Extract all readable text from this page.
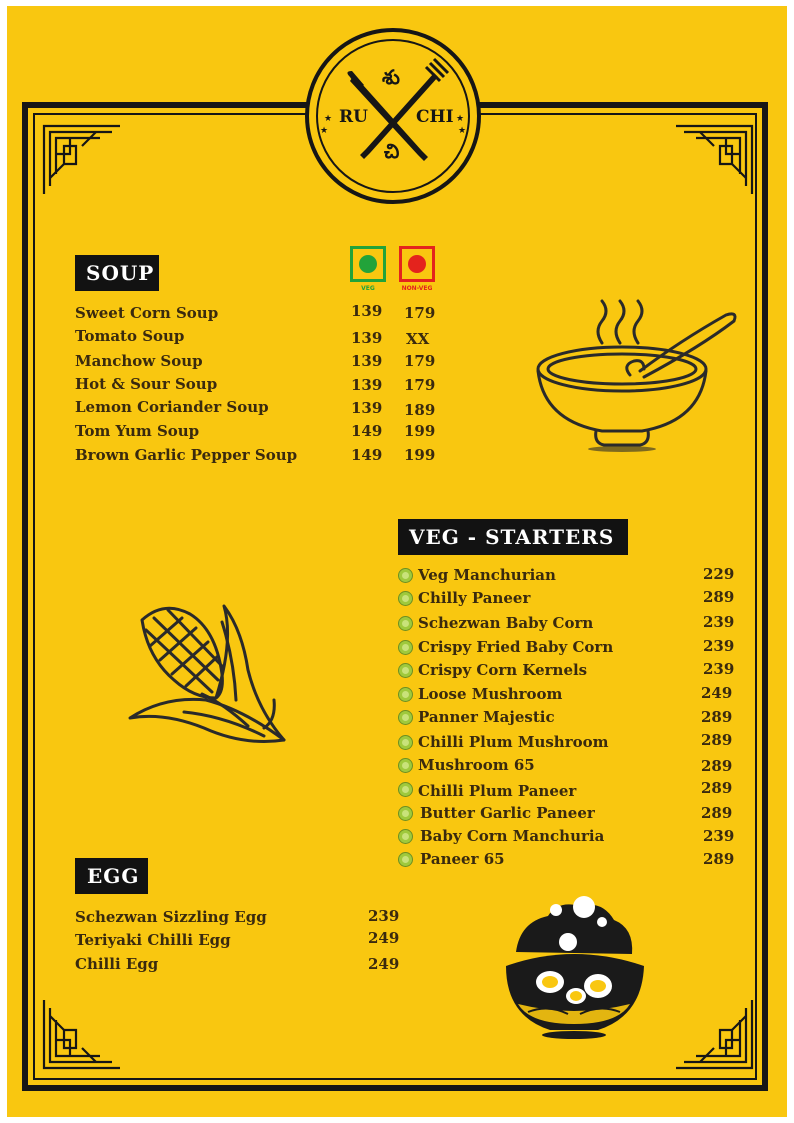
★
★
★
★
RU	CHI
శు
చి
SOUP
VEG	NON-VEG
Sweet Corn Soup	139 179
Tomato Soup	139 XX
Manchow Soup	139 179
Hot & Sour Soup	139 179
Lemon Coriander Soup	139 189
Tom Yum Soup	149 199
Brown Garlic Pepper Soup	149 199
VEG - STARTERS
Veg Manchurian	229
Chilly Paneer	289
Schezwan Baby Corn	239
Crispy Fried Baby Corn	239
Crispy Corn Kernels	239
Loose Mushroom	249
Panner Majestic	289
Chilli Plum Mushroom	289
Mushroom 65	289
Chilli Plum Paneer	289
Butter Garlic Paneer	289
Baby Corn Manchuria	239
Paneer 65	289
EGG
Schezwan Sizzling Egg	239
Teriyaki Chilli Egg	249
Chilli Egg	249
